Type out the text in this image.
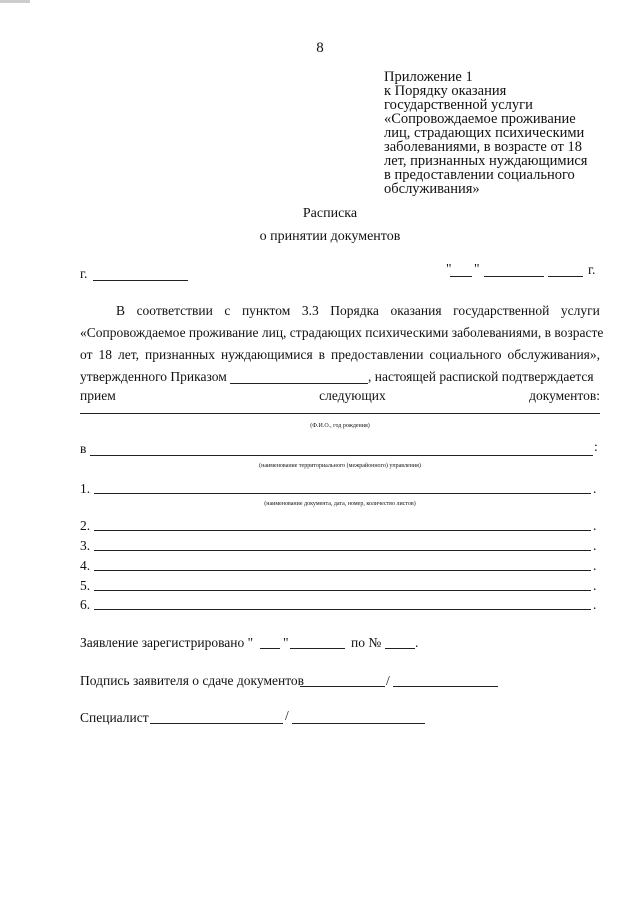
8
Приложение 1
к Порядку оказания
государственной услуги
«Сопровождаемое проживание
лиц, страдающих психическими
заболеваниями, в возрасте от 18
лет, признанных нуждающимися
в предоставлении социального
обслуживания»
Расписка
о принятии документов
г.	" "	г.
В соответствии с пунктом 3.3 Порядка оказания государственной услуги
«Сопровождаемое проживание лиц, страдающих психическими заболеваниями, в возрасте
от 18 лет, признанных нуждающимися в предоставлении социального обслуживания»,
утвержденного Приказом	, настоящей распиской подтверждается
прием	следующих	документов:
(Ф.И.О., год рождения)
в	:
(наименование территориального (межрайонного) управления)
1.	.
(наименование документа, дата, номер, количество листов)
2.	.
3.	.
4.	.
5.	.
6.	.
Заявление зарегистрировано " "	по №	.
Подпись заявителя о сдаче документов	/
Специалист	/
